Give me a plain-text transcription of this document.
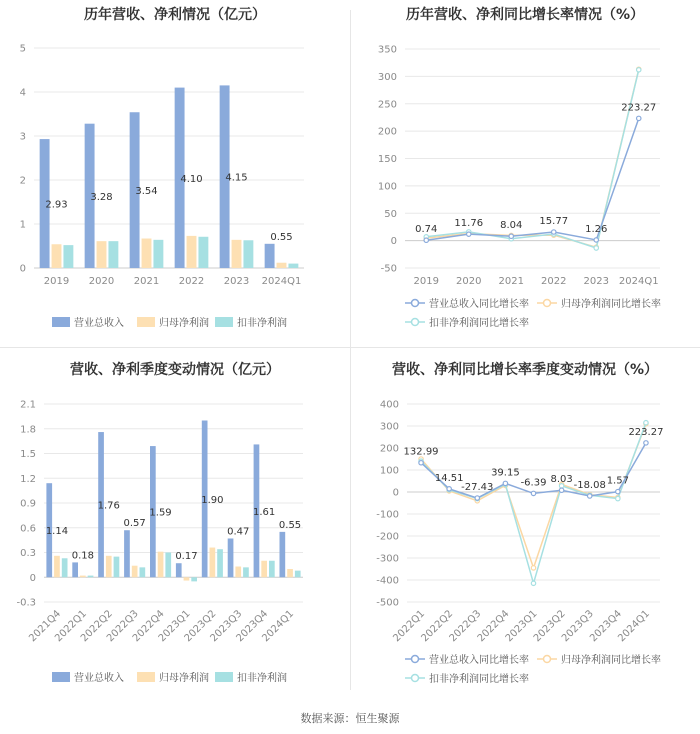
历年营收、净利情况（亿元）	历年营收、净利同比增长率情况（%）
营收、净利季度变动情况（亿元）	营收、净利同比增长率季度变动情况（%）
0
1
2
3
4
5
2019 2020 2021 2022 2023 2024Q1
2.93
3.28
3.54
4.10 4.15
0.55
营业总收入	归母净利润	扣非净利润
-50
0
50
100
150
200
250
300
350
2019 2020 2021 2022 2023 2024Q1
0.74
11.76 8.04 15.77
1.26
223.27
营业总收入同比增长率	归母净利润同比增长率
扣非净利润同比增长率
-0.3
0
0.3
0.6
0.9
1.2
1.5
1.8
2.1
2021Q4
2022Q1
2022Q2
2022Q3
2022Q4
2023Q1
2023Q2
2023Q3
2023Q4
2024Q1
1.14
0.18
1.76
0.57
1.59
0.17
1.90
0.47
1.61
0.55
营业总收入	归母净利润	扣非净利润
-500
-400
-300
-200
-100
0
100
200
300
400
2022Q1
2022Q2
2022Q3
2022Q4
2023Q1
2023Q2
2023Q3
2023Q4
2024Q1
132.99
14.51
-27.43
39.15
-6.39 8.03
-18.08 1.57
223.27
营业总收入同比增长率	归母净利润同比增长率
扣非净利润同比增长率
数据来源：恒生聚源
